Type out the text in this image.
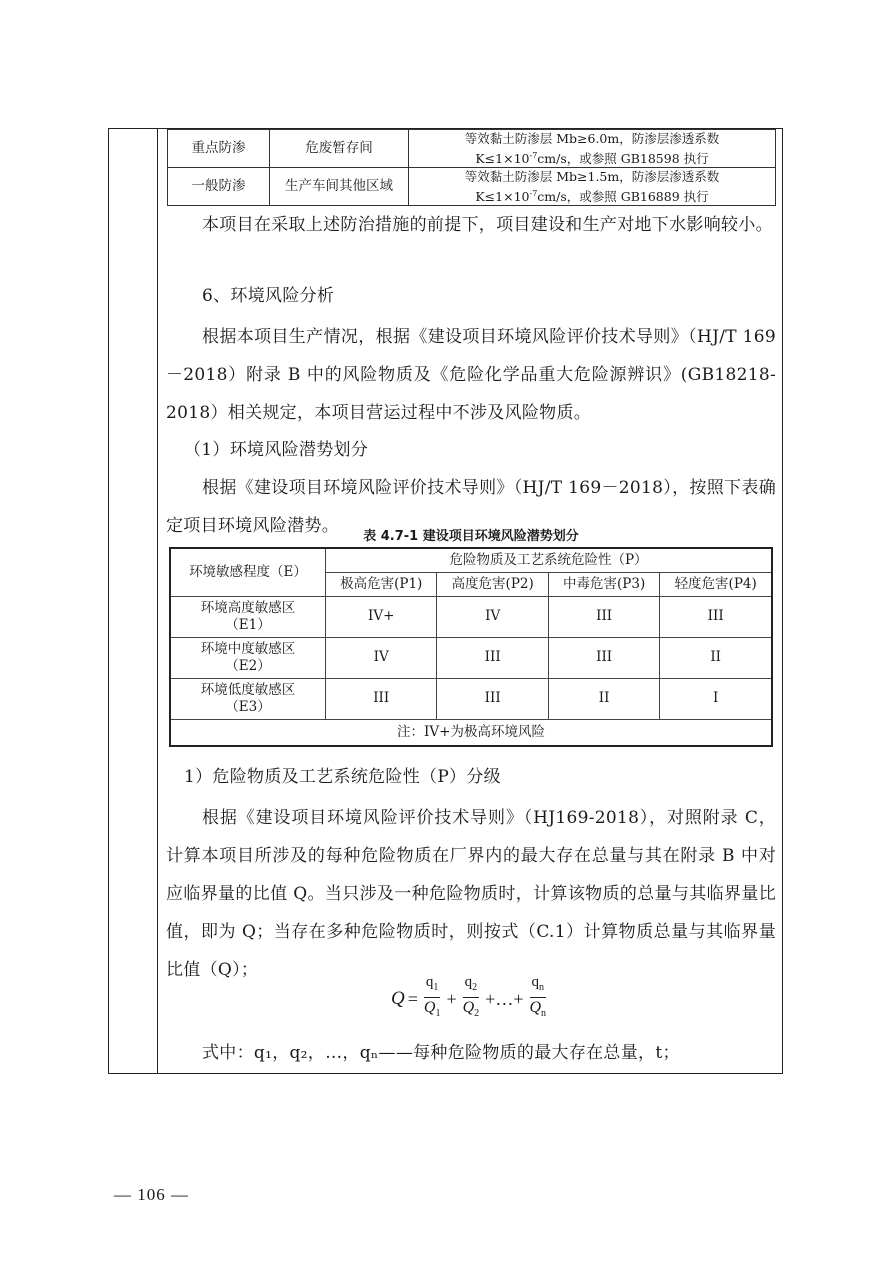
重点防渗	危废暂存间	等效黏土防渗层 Mb≥6.0m，防渗层渗透系数
$K\le 1\times 10^{-7}cm/s$，或参照 GB18598 执行
一般防渗	生产车间其他区域	等效黏土防渗层 Mb≥1.5m，防渗层渗透系数
$K\le 1\times 10^{-7}cm/s$，或参照 GB16889 执行
本项目在采取上述防治措施的前提下，项目建设和生产对地下水影响较小。
6、环境风险分析
根据本项目生产情况，根据《建设项目环境风险评价技术导则》（HJ/T 169－2018）附录 B 中的风险物质及《危险化学品重大危险源辨识》(GB18218-2018）相关规定，本项目营运过程中不涉及风险物质。
（1）环境风险潜势划分
根据《建设项目环境风险评价技术导则》（HJ/T 169－2018），按照下表确定项目环境风险潜势。
表 4.7-1 建设项目环境风险潜势划分
环境敏感程度（E）	危险物质及工艺系统危险性（P）			
	极高危害(P1)	高度危害(P2)	中毒危害(P3)	轻度危害(P4)
环境高度敏感区
（E1）	IV+	IV	III	III
环境中度敏感区
（E2）	IV	III	III	II
环境低度敏感区
（E3）	III	III	II	I
注：IV+为极高环境风险				
1）危险物质及工艺系统危险性（P）分级
根据《建设项目环境风险评价技术导则》（HJ169-2018），对照附录 C，计算本项目所涉及的每种危险物质在厂界内的最大存在总量与其在附录 B 中对应临界量的比值 Q。当只涉及一种危险物质时，计算该物质的总量与其临界量比值，即为 Q；当存在多种危险物质时，则按式（C.1）计算物质总量与其临界量比值（Q）；
$Q = \frac{q_1}{Q_1} + \frac{q_2}{Q_2}$ +…+ $\frac{q_n}{Q_n}$
式中：q₁，q₂，…，qₙ——每种危险物质的最大存在总量，t；
— 106 —
